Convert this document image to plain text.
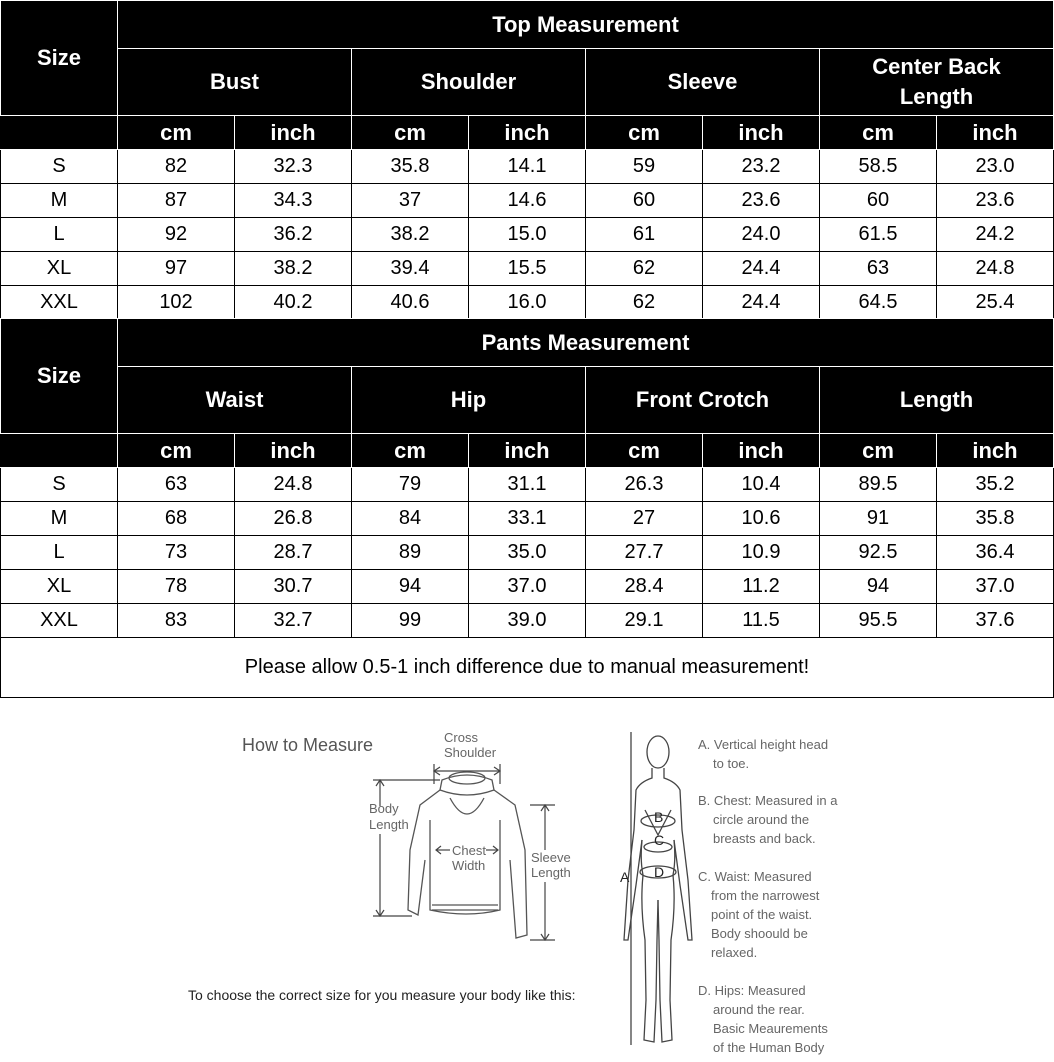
Size	Top Measurement							
	Bust		Shoulder		Sleeve		Center Back Length	
	cm	inch	cm	inch	cm	inch	cm	inch
S	82	32.3	35.8	14.1	59	23.2	58.5	23.0
M	87	34.3	37	14.6	60	23.6	60	23.6
L	92	36.2	38.2	15.0	61	24.0	61.5	24.2
XL	97	38.2	39.4	15.5	62	24.4	63	24.8
XXL	102	40.2	40.6	16.0	62	24.4	64.5	25.4
Size	Pants Measurement							
	Waist		Hip		Front Crotch		Length	
	cm	inch	cm	inch	cm	inch	cm	inch
S	63	24.8	79	31.1	26.3	10.4	89.5	35.2
M	68	26.8	84	33.1	27	10.6	91	35.8
L	73	28.7	89	35.0	27.7	10.9	92.5	36.4
XL	78	30.7	94	37.0	28.4	11.2	94	37.0
XXL	83	32.7	99	39.0	29.1	11.5	95.5	37.6
Please allow 0.5-1 inch difference due to manual measurement!
How to Measure	Cross
Shoulder
Body
Length
Chest
Width
Sleeve
Length
To choose the correct size for you measure your body like this:
A
B
C
D
A. Vertical height head
to toe.
B. Chest: Measured in a
circle around the
breasts and back.
C. Waist: Measured
from the narrowest
point of the waist.
Body shoould be
relaxed.
D. Hips: Measured
around the rear.
Basic Meaurements
of the Human Body
